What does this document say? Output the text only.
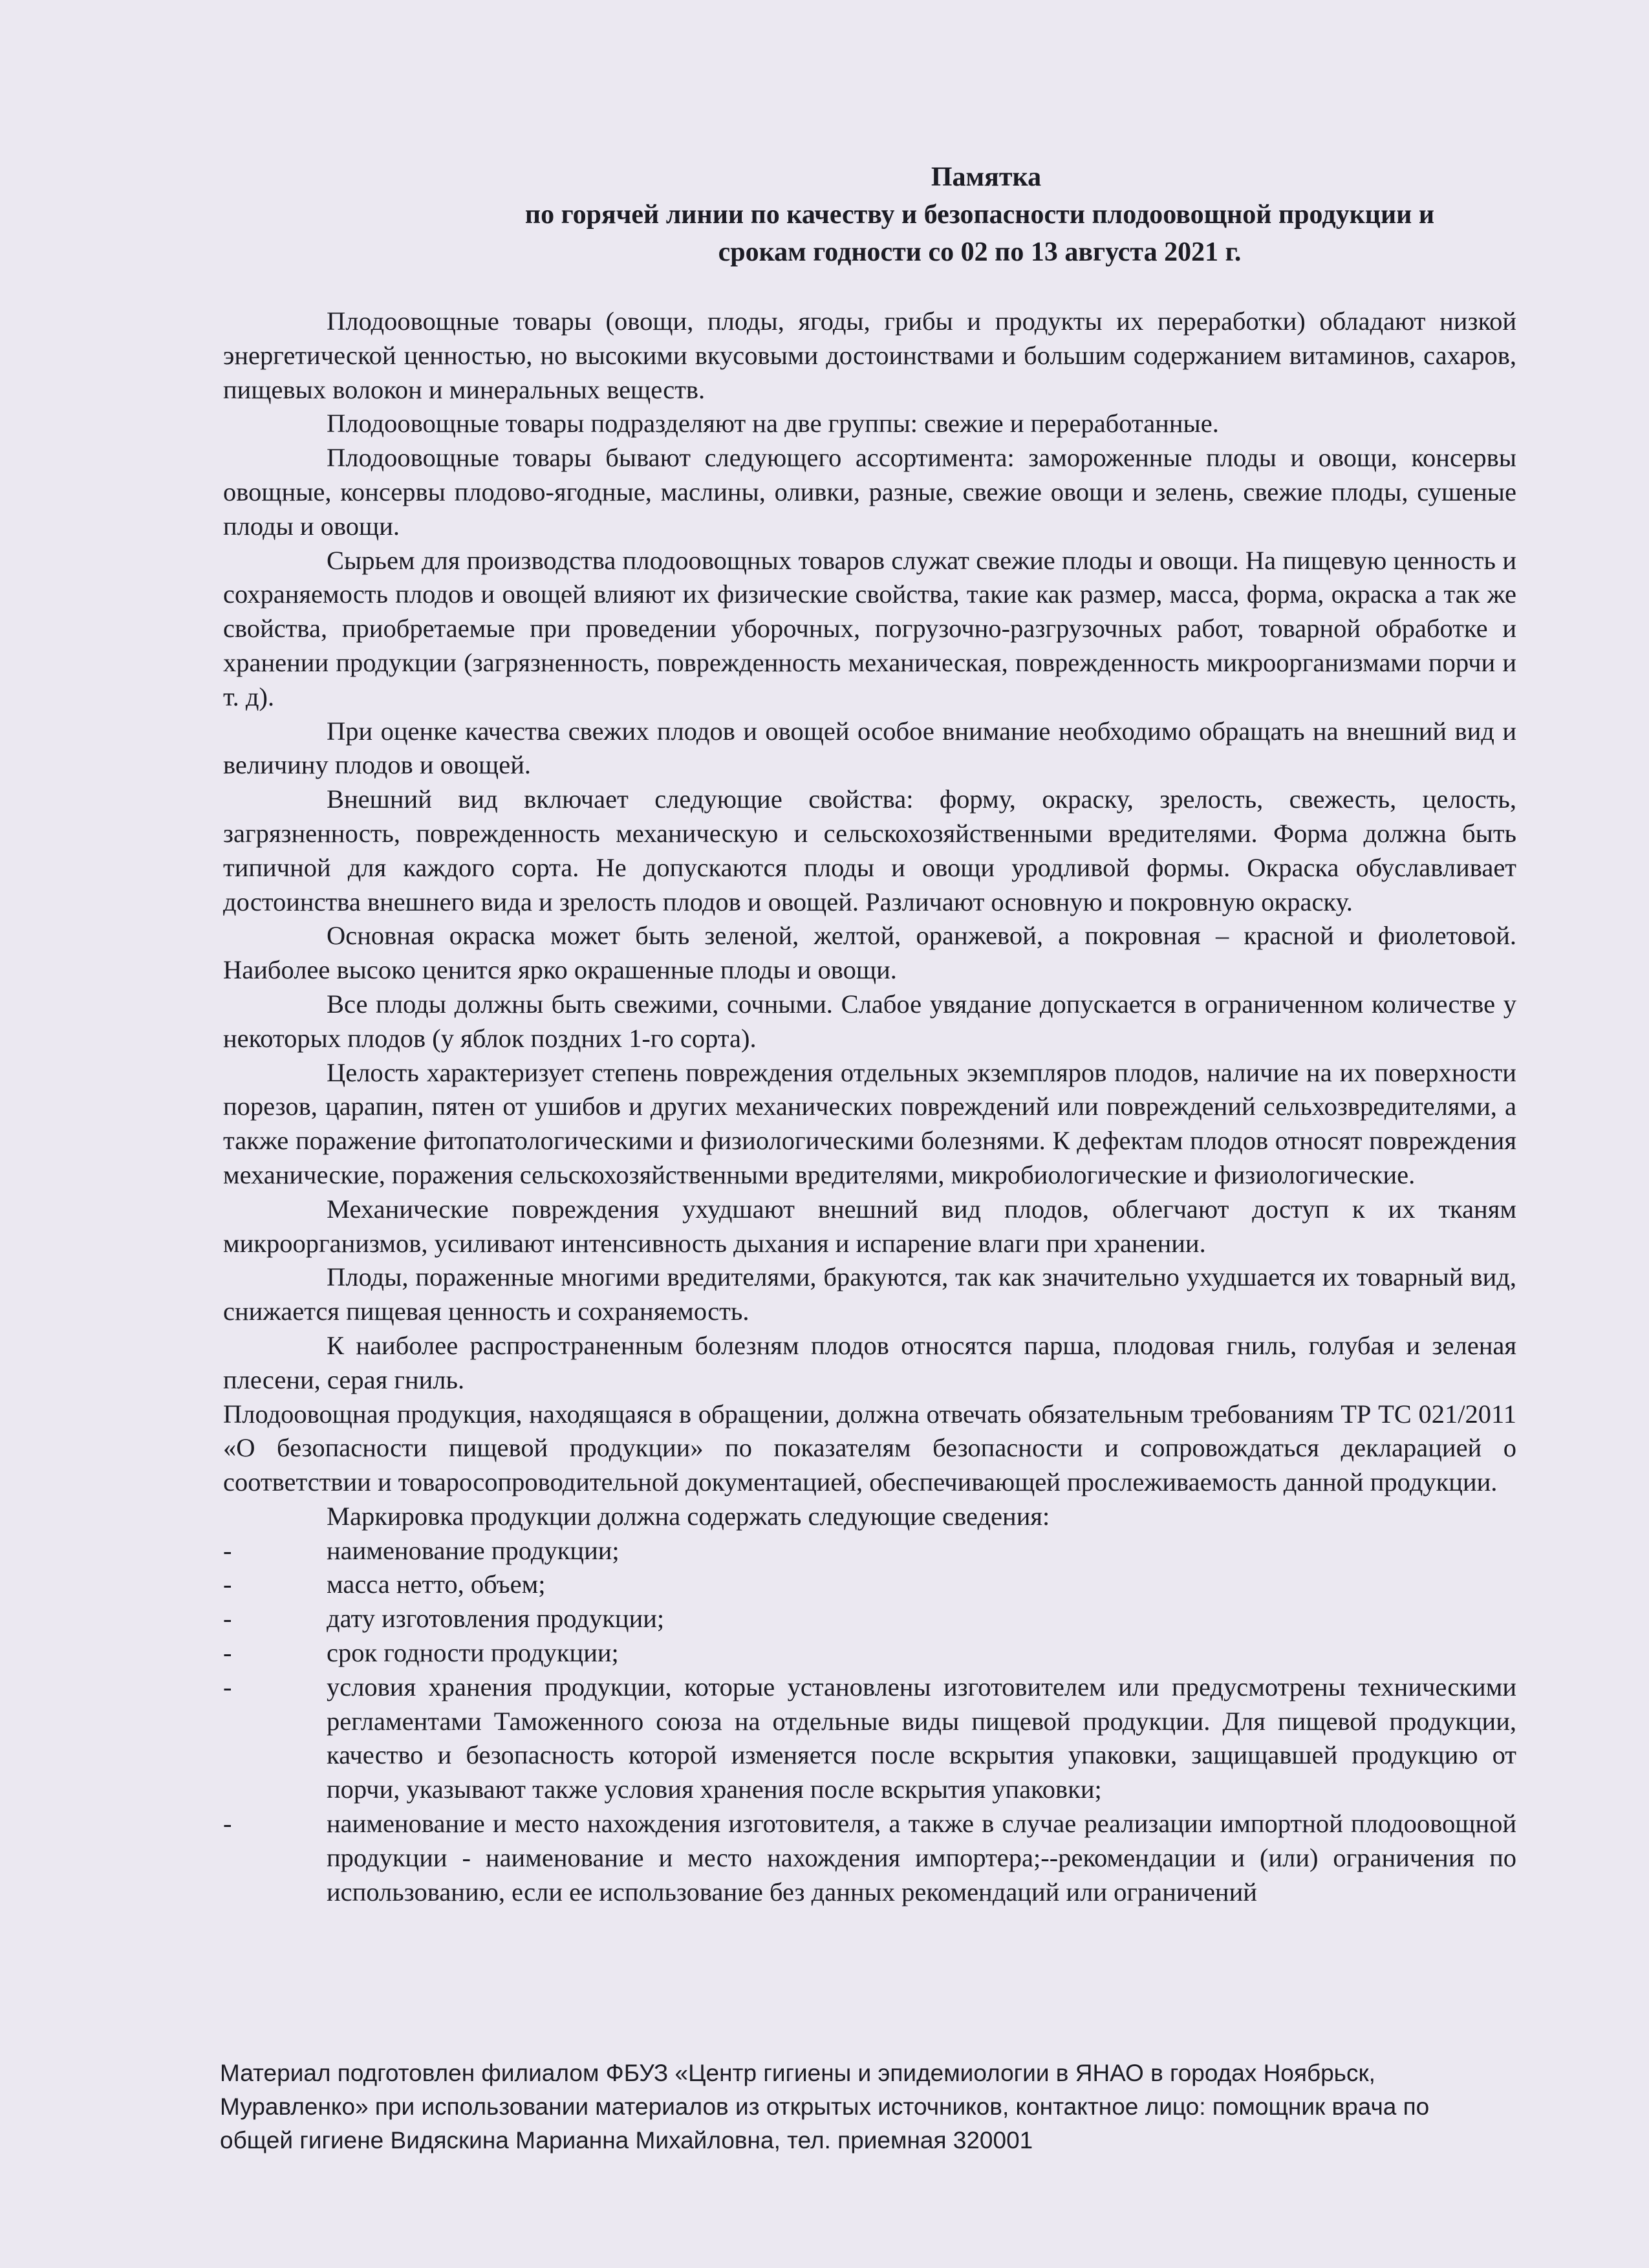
Памятка
по горячей линии по качеству и безопасности плодоовощной продукции и
срокам годности со 02 по 13 августа 2021 г.

Плодоовощные товары (овощи, плоды, ягоды, грибы и продукты их переработки) обладают низкой энергетической ценностью, но высокими вкусовыми достоинствами и большим содержанием витаминов, сахаров, пищевых волокон и минеральных веществ.

Плодоовощные товары подразделяют на две группы: свежие и переработанные.

Плодоовощные товары бывают следующего ассортимента: замороженные плоды и овощи, консервы овощные, консервы плодово-ягодные, маслины, оливки, разные, свежие овощи и зелень, свежие плоды, сушеные плоды и овощи.

Сырьем для производства плодоовощных товаров служат свежие плоды и овощи. На пищевую ценность и сохраняемость плодов и овощей влияют их физические свойства, такие как размер, масса, форма, окраска а так же свойства, приобретаемые при проведении уборочных, погрузочно-разгрузочных работ, товарной обработке и хранении продукции (загрязненность, поврежденность механическая, поврежденность микроорганизмами порчи и т. д).

При оценке качества свежих плодов и овощей особое внимание необходимо обращать на внешний вид и величину плодов и овощей.

Внешний вид включает следующие свойства: форму, окраску, зрелость, свежесть, целость, загрязненность, поврежденность механическую и сельскохозяйственными вредителями. Форма должна быть типичной для каждого сорта. Не допускаются плоды и овощи уродливой формы. Окраска обуславливает достоинства внешнего вида и зрелость плодов и овощей. Различают основную и покровную окраску.

Основная окраска может быть зеленой, желтой, оранжевой, а покровная – красной и фиолетовой. Наиболее высоко ценится ярко окрашенные плоды и овощи.

Все плоды должны быть свежими, сочными. Слабое увядание допускается в ограниченном количестве у некоторых плодов (у яблок поздних 1-го сорта).

Целость характеризует степень повреждения отдельных экземпляров плодов, наличие на их поверхности порезов, царапин, пятен от ушибов и других механических повреждений или повреждений сельхозвредителями, а также поражение фитопатологическими и физиологическими болезнями. К дефектам плодов относят повреждения механические, поражения сельскохозяйственными вредителями, микробиологические и физиологические.

Механические повреждения ухудшают внешний вид плодов, облегчают доступ к их тканям микроорганизмов, усиливают интенсивность дыхания и испарение влаги при хранении.

Плоды, пораженные многими вредителями, бракуются, так как значительно ухудшается их товарный вид, снижается пищевая ценность и сохраняемость.

К наиболее распространенным болезням плодов относятся парша, плодовая гниль, голубая и зеленая плесени, серая гниль.

Плодоовощная продукция, находящаяся в обращении, должна отвечать обязательным требованиям ТР ТС 021/2011 «О безопасности пищевой продукции» по показателям безопасности и сопровождаться декларацией о соответствии и товаросопроводительной документацией, обеспечивающей прослеживаемость данной продукции.

Маркировка продукции должна содержать следующие сведения:

-	наименование продукции;
-	масса нетто, объем;
-	дату изготовления продукции;
-	срок годности продукции;
-	условия хранения продукции, которые установлены изготовителем или предусмотрены техническими регламентами Таможенного союза на отдельные виды пищевой продукции. Для пищевой продукции, качество и безопасность которой изменяется после вскрытия упаковки, защищавшей продукцию от порчи, указывают также условия хранения после вскрытия упаковки;
-	наименование и место нахождения изготовителя, а также в случае реализации импортной плодоовощной продукции - наименование и место нахождения импортера;--рекомендации и (или) ограничения по использованию, если ее использование без данных рекомендаций или ограничений
Материал подготовлен филиалом ФБУЗ «Центр гигиены и эпидемиологии в ЯНАО в городах Ноябрьск,
Муравленко» при использовании материалов из открытых источников, контактное лицо: помощник врача по
общей гигиене Видяскина Марианна Михайловна, тел. приемная 320001
